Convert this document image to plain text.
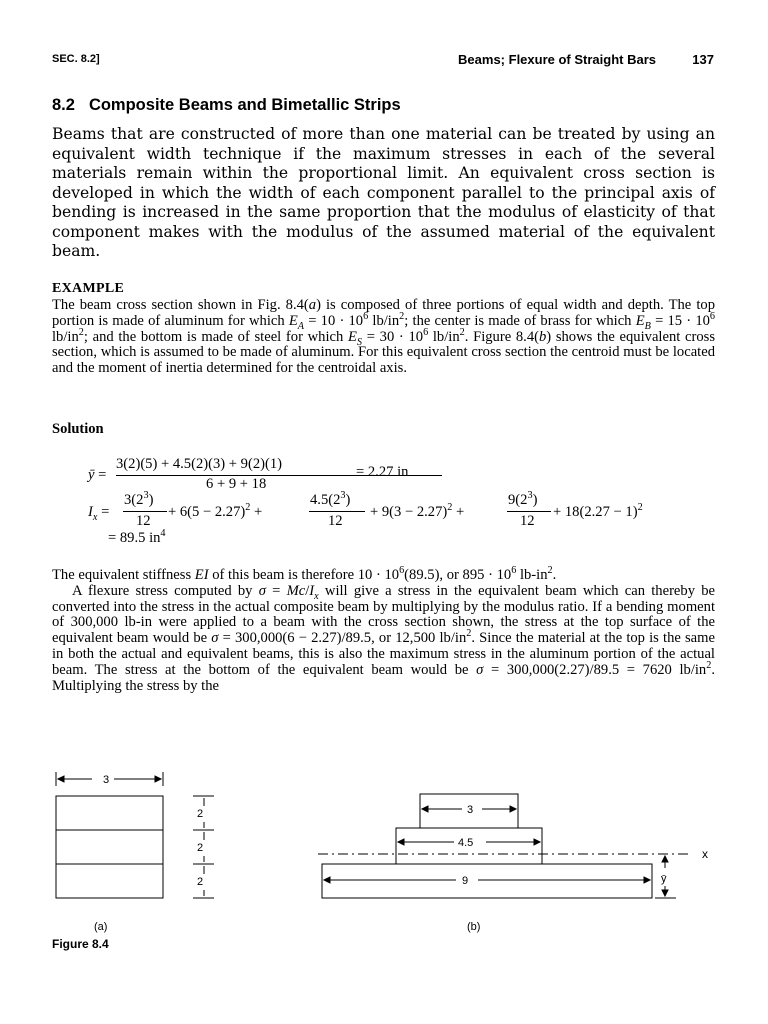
SEC. 8.2]	Beams; Flexure of Straight Bars	137
8.2 Composite Beams and Bimetallic Strips

Beams that are constructed of more than one material can be treated by using an equivalent width technique if the maximum stresses in each of the several materials remain within the proportional limit. An equivalent cross section is developed in which the width of each component parallel to the principal axis of bending is increased in the same proportion that the modulus of elasticity of that component makes with the modulus of the assumed material of the equivalent beam.

EXAMPLE

The beam cross section shown in Fig. 8.4(a) is composed of three portions of equal width and depth. The top portion is made of aluminum for which $E_A = 10 \cdot 10^6$ $lb/in^2$; the center is made of brass for which $E_B = 15 \cdot 10^6$ $lb/in^2$; and the bottom is made of steel for which $E_S = 30 \cdot 10^6$ $lb/in^2$. Figure 8.4(b) shows the equivalent cross section, which is assumed to be made of aluminum. For this equivalent cross section the centroid must be located and the moment of inertia determined for the centroidal axis.

Solution
ȳ =
3(2)(5) + 4.5(2)(3) + 9(2)(1)
6 + 9 + 18
= 2.27 in
$I_x$ =
$3(2^3)$
12
+ $6(5 - 2.27)^2$ +
$4.5(2^3)$
12
+ $9(3 - 2.27)^2$ +
$9(2^3)$
12
+ $18(2.27 - 1)^2$
= 89.5 $in^4$

The equivalent stiffness EI of this beam is therefore $10 \cdot 10^6(89.5)$, or $895 \cdot 10^6$ $lb-in^2$.
A flexure stress computed by $\sigma = Mc/I_x$ will give a stress in the equivalent beam which can thereby be converted into the stress in the actual composite beam by multiplying by the modulus ratio. If a bending moment of 300,000 lb-in were applied to a beam with the cross section shown, the stress at the top surface of the equivalent beam would be σ = 300,000(6 − 2.27)/89.5, or 12,500 $lb/in^2$. Since the material at the top is the same in both the actual and equivalent beams, this is also the maximum stress in the aluminum portion of the actual beam. The stress at the bottom of the equivalent beam would be σ = 300,000(2.27)/89.5 = 7620 $lb/in^2$. Multiplying the stress by the

3
2
2
2
(a)
3
4.5
9
x
ȳ
(b)
Figure 8.4
